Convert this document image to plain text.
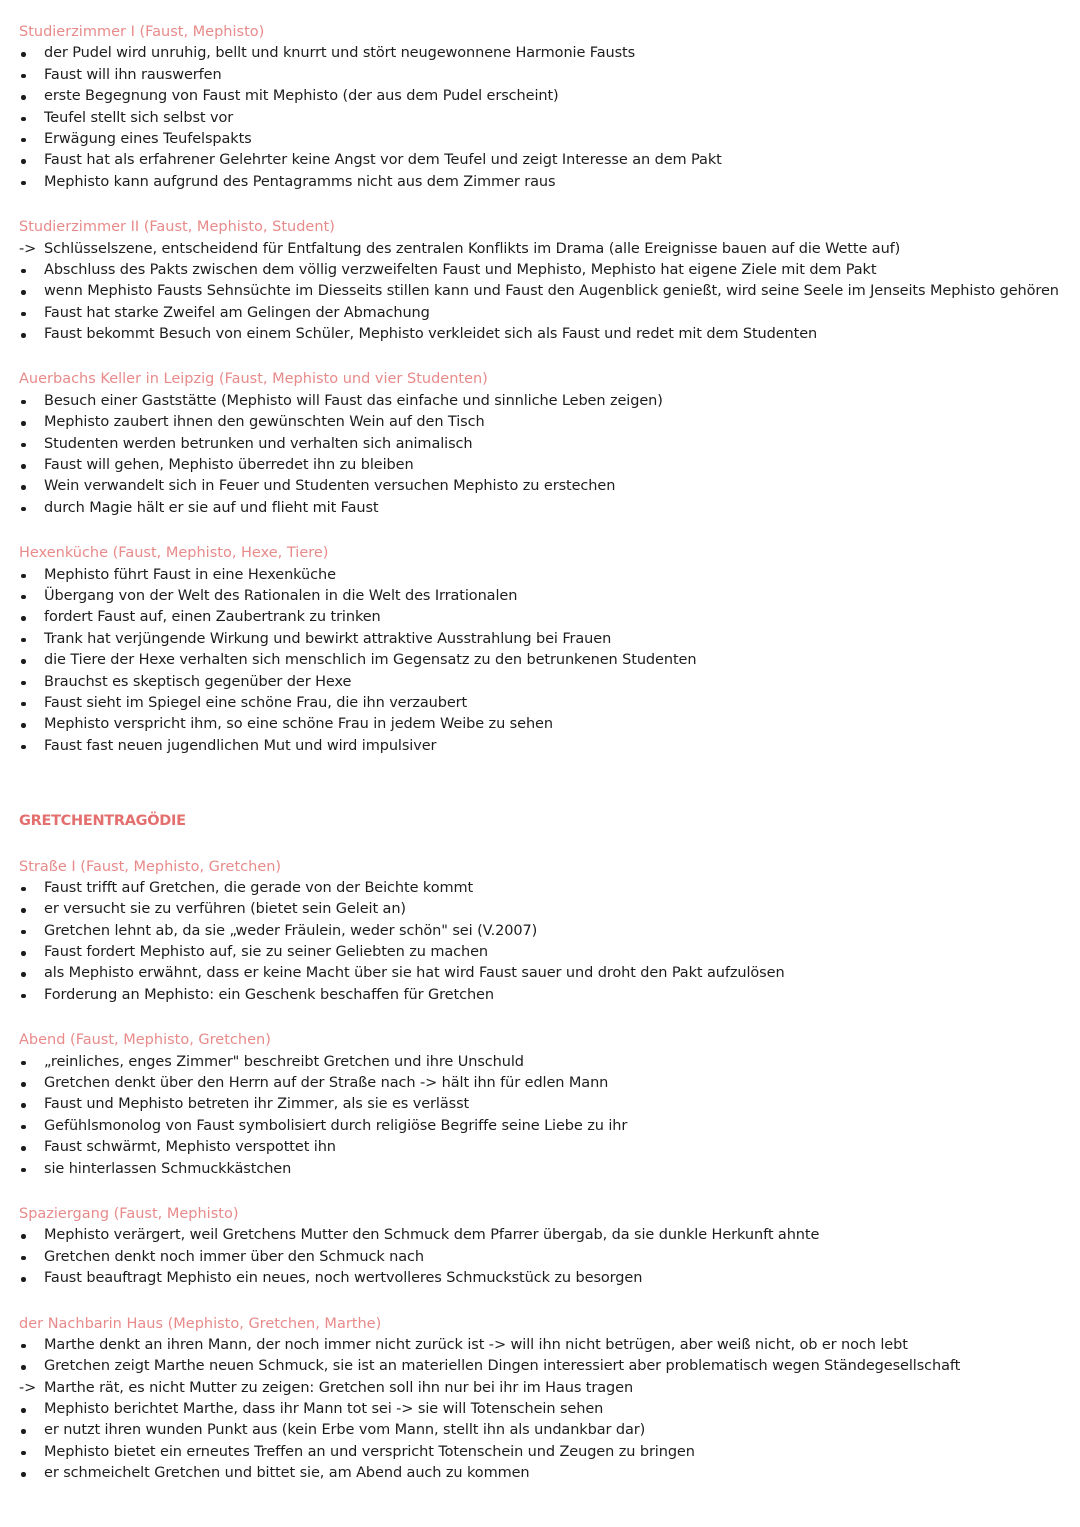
Studierzimmer I (Faust, Mephisto)
der Pudel wird unruhig, bellt und knurrt und stört neugewonnene Harmonie Fausts
Faust will ihn rauswerfen
erste Begegnung von Faust mit Mephisto (der aus dem Pudel erscheint)
Teufel stellt sich selbst vor
Erwägung eines Teufelspakts
Faust hat als erfahrener Gelehrter keine Angst vor dem Teufel und zeigt Interesse an dem Pakt
Mephisto kann aufgrund des Pentagramms nicht aus dem Zimmer raus
Studierzimmer II (Faust, Mephisto, Student)
-> Schlüsselszene, entscheidend für Entfaltung des zentralen Konflikts im Drama (alle Ereignisse bauen auf die Wette auf)
Abschluss des Pakts zwischen dem völlig verzweifelten Faust und Mephisto, Mephisto hat eigene Ziele mit dem Pakt
wenn Mephisto Fausts Sehnsüchte im Diesseits stillen kann und Faust den Augenblick genießt, wird seine Seele im Jenseits Mephisto gehören
Faust hat starke Zweifel am Gelingen der Abmachung
Faust bekommt Besuch von einem Schüler, Mephisto verkleidet sich als Faust und redet mit dem Studenten
Auerbachs Keller in Leipzig (Faust, Mephisto und vier Studenten)
Besuch einer Gaststätte (Mephisto will Faust das einfache und sinnliche Leben zeigen)
Mephisto zaubert ihnen den gewünschten Wein auf den Tisch
Studenten werden betrunken und verhalten sich animalisch
Faust will gehen, Mephisto überredet ihn zu bleiben
Wein verwandelt sich in Feuer und Studenten versuchen Mephisto zu erstechen
durch Magie hält er sie auf und flieht mit Faust
Hexenküche (Faust, Mephisto, Hexe, Tiere)
Mephisto führt Faust in eine Hexenküche
Übergang von der Welt des Rationalen in die Welt des Irrationalen
fordert Faust auf, einen Zaubertrank zu trinken
Trank hat verjüngende Wirkung und bewirkt attraktive Ausstrahlung bei Frauen
die Tiere der Hexe verhalten sich menschlich im Gegensatz zu den betrunkenen Studenten
Brauchst es skeptisch gegenüber der Hexe
Faust sieht im Spiegel eine schöne Frau, die ihn verzaubert
Mephisto verspricht ihm, so eine schöne Frau in jedem Weibe zu sehen
Faust fast neuen jugendlichen Mut und wird impulsiver
GRETCHENTRAGÖDIE
Straße I (Faust, Mephisto, Gretchen)
Faust trifft auf Gretchen, die gerade von der Beichte kommt
er versucht sie zu verführen (bietet sein Geleit an)
Gretchen lehnt ab, da sie „weder Fräulein, weder schön" sei (V.2007)
Faust fordert Mephisto auf, sie zu seiner Geliebten zu machen
als Mephisto erwähnt, dass er keine Macht über sie hat wird Faust sauer und droht den Pakt aufzulösen
Forderung an Mephisto: ein Geschenk beschaffen für Gretchen
Abend (Faust, Mephisto, Gretchen)
„reinliches, enges Zimmer" beschreibt Gretchen und ihre Unschuld
Gretchen denkt über den Herrn auf der Straße nach -> hält ihn für edlen Mann
Faust und Mephisto betreten ihr Zimmer, als sie es verlässt
Gefühlsmonolog von Faust symbolisiert durch religiöse Begriffe seine Liebe zu ihr
Faust schwärmt, Mephisto verspottet ihn
sie hinterlassen Schmuckkästchen
Spaziergang (Faust, Mephisto)
Mephisto verärgert, weil Gretchens Mutter den Schmuck dem Pfarrer übergab, da sie dunkle Herkunft ahnte
Gretchen denkt noch immer über den Schmuck nach
Faust beauftragt Mephisto ein neues, noch wertvolleres Schmuckstück zu besorgen
der Nachbarin Haus (Mephisto, Gretchen, Marthe)
Marthe denkt an ihren Mann, der noch immer nicht zurück ist -> will ihn nicht betrügen, aber weiß nicht, ob er noch lebt
Gretchen zeigt Marthe neuen Schmuck, sie ist an materiellen Dingen interessiert aber problematisch wegen Ständegesellschaft
-> Marthe rät, es nicht Mutter zu zeigen: Gretchen soll ihn nur bei ihr im Haus tragen
Mephisto berichtet Marthe, dass ihr Mann tot sei -> sie will Totenschein sehen
er nutzt ihren wunden Punkt aus (kein Erbe vom Mann, stellt ihn als undankbar dar)
Mephisto bietet ein erneutes Treffen an und verspricht Totenschein und Zeugen zu bringen
er schmeichelt Gretchen und bittet sie, am Abend auch zu kommen
